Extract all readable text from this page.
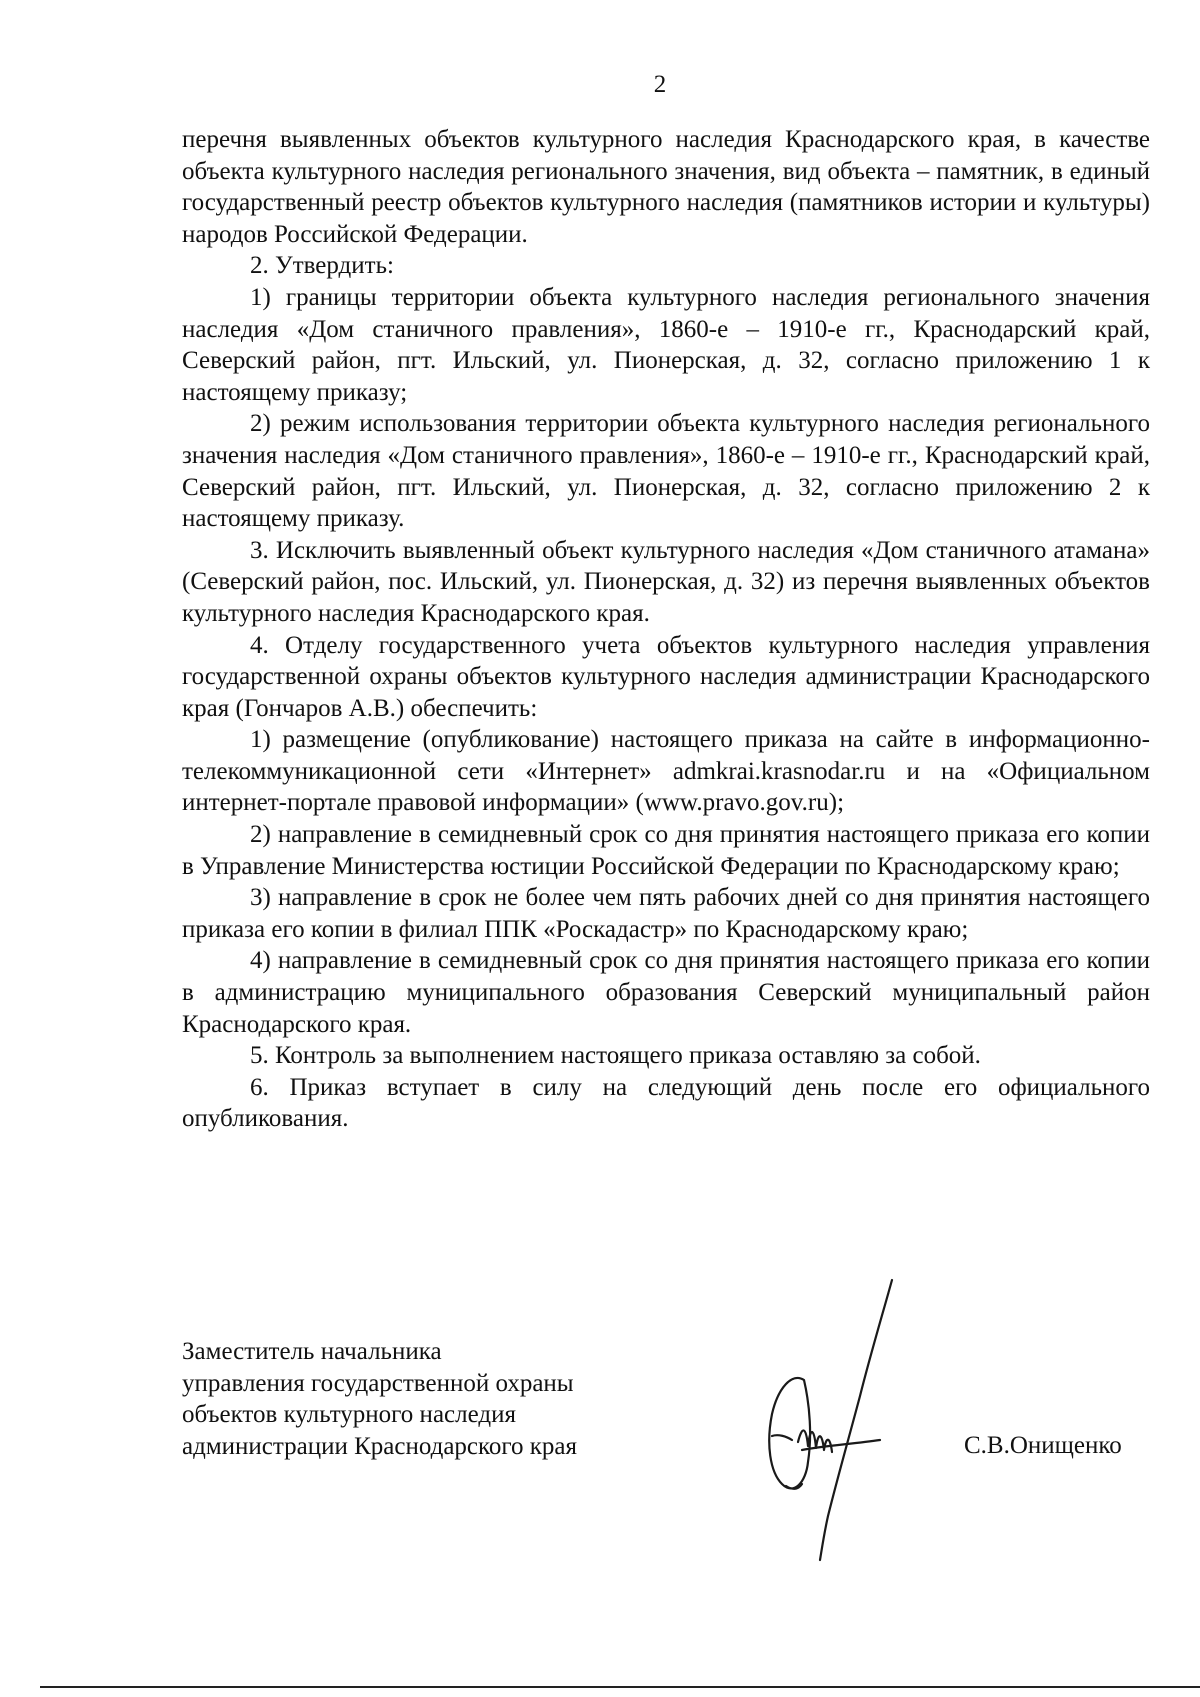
2

перечня выявленных объектов культурного наследия Краснодарского края, в качестве объекта культурного наследия регионального значения, вид объекта – памятник, в единый государственный реестр объектов культурного наследия (памятников истории и культуры) народов Российской Федерации.

2. Утвердить:

1) границы территории объекта культурного наследия регионального значения наследия «Дом станичного правления», 1860-е – 1910-е гг., Краснодарский край, Северский район, пгт. Ильский, ул. Пионерская, д. 32, согласно приложению 1 к настоящему приказу;

2) режим использования территории объекта культурного наследия регионального значения наследия «Дом станичного правления», 1860-е – 1910-е гг., Краснодарский край, Северский район, пгт. Ильский, ул. Пионерская, д. 32, согласно приложению 2 к настоящему приказу.

3. Исключить выявленный объект культурного наследия «Дом станичного атамана» (Северский район, пос. Ильский, ул. Пионерская, д. 32) из перечня выявленных объектов культурного наследия Краснодарского края.

4. Отделу государственного учета объектов культурного наследия управления государственной охраны объектов культурного наследия администрации Краснодарского края (Гончаров А.В.) обеспечить:

1) размещение (опубликование) настоящего приказа на сайте в информационно-телекоммуникационной сети «Интернет» admkrai.krasnodar.ru и на «Официальном интернет-портале правовой информации» (www.pravo.gov.ru);

2) направление в семидневный срок со дня принятия настоящего приказа его копии в Управление Министерства юстиции Российской Федерации по Краснодарскому краю;

3) направление в срок не более чем пять рабочих дней со дня принятия настоящего приказа его копии в филиал ППК «Роскадастр» по Краснодарскому краю;

4) направление в семидневный срок со дня принятия настоящего приказа его копии в администрацию муниципального образования Северский муниципальный район Краснодарского края.

5. Контроль за выполнением настоящего приказа оставляю за собой.

6. Приказ вступает в силу на следующий день после его официального опубликования.

Заместитель начальника
управления государственной охраны
объектов культурного наследия
администрации Краснодарского края	С.В.Онищенко
